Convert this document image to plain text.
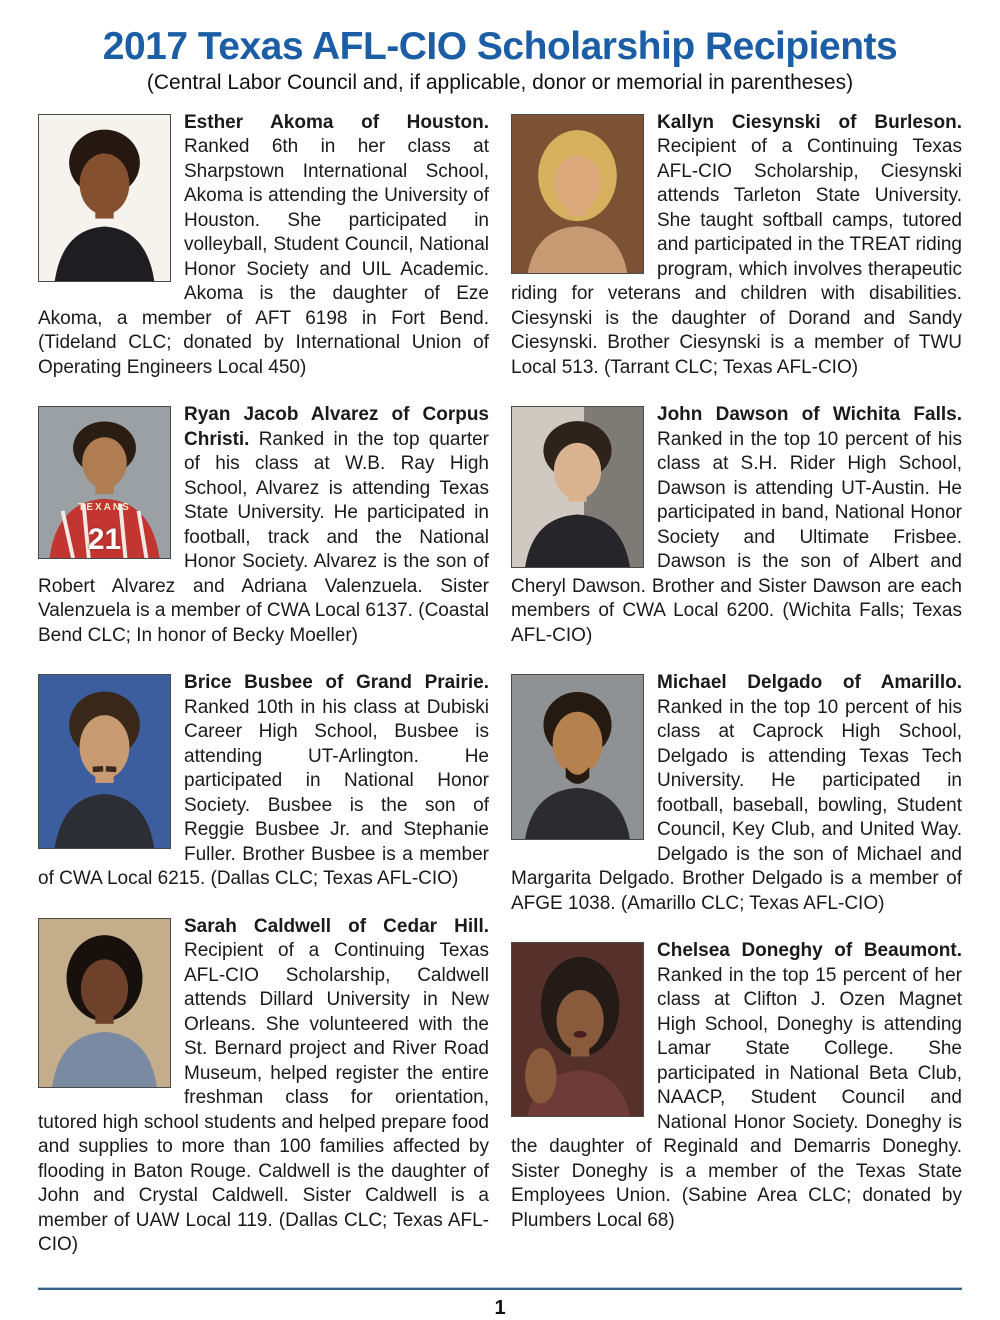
2017 Texas AFL-CIO Scholarship Recipients

(Central Labor Council and, if applicable, donor or memorial in parentheses)

Esther Akoma of Houston. Ranked 6th in her class at Sharpstown International School, Akoma is attending the University of Houston. She participated in volleyball, Student Council, National Honor Society and UIL Academic. Akoma is the daughter of Eze Akoma, a member of AFT 6198 in Fort Bend. (Tideland CLC; donated by International Union of Operating Engineers Local 450)

TEXANS
21

Ryan Jacob Alvarez of Corpus Christi. Ranked in the top quarter of his class at W.B. Ray High School, Alvarez is attending Texas State University. He participated in football, track and the National Honor Society. Alvarez is the son of Robert Alvarez and Adriana Valenzuela. Sister Valenzuela is a member of CWA Local 6137. (Coastal Bend CLC; In honor of Becky Moeller)

Brice Busbee of Grand Prairie. Ranked 10th in his class at Dubiski Career High School, Busbee is attending UT-Arlington. He participated in National Honor Society. Busbee is the son of Reggie Busbee Jr. and Stephanie Fuller. Brother Busbee is a member of CWA Local 6215. (Dallas CLC; Texas AFL-CIO)

Sarah Caldwell of Cedar Hill. Recipient of a Continuing Texas AFL-CIO Scholarship, Caldwell attends Dillard University in New Orleans. She volunteered with the St. Bernard project and River Road Museum, helped register the entire freshman class for orientation, tutored high school students and helped prepare food and supplies to more than 100 families affected by flooding in Baton Rouge. Caldwell is the daughter of John and Crystal Caldwell. Sister Caldwell is a member of UAW Local 119. (Dallas CLC; Texas AFL-CIO)

Kallyn Ciesynski of Burleson. Recipient of a Continuing Texas AFL-CIO Scholarship, Ciesynski attends Tarleton State University. She taught softball camps, tutored and participated in the TREAT riding program, which involves therapeutic riding for veterans and children with disabilities. Ciesynski is the daughter of Dorand and Sandy Ciesynski. Brother Ciesynski is a member of TWU Local 513. (Tarrant CLC; Texas AFL-CIO)

John Dawson of Wichita Falls. Ranked in the top 10 percent of his class at S.H. Rider High School, Dawson is attending UT-Austin. He participated in band, National Honor Society and Ultimate Frisbee. Dawson is the son of Albert and Cheryl Dawson. Brother and Sister Dawson are each members of CWA Local 6200. (Wichita Falls; Texas AFL-CIO)

Michael Delgado of Amarillo. Ranked in the top 10 percent of his class at Caprock High School, Delgado is attending Texas Tech University. He participated in football, baseball, bowling, Student Council, Key Club, and United Way. Delgado is the son of Michael and Margarita Delgado. Brother Delgado is a member of AFGE 1038. (Amarillo CLC; Texas AFL-CIO)

Chelsea Doneghy of Beaumont. Ranked in the top 15 percent of her class at Clifton J. Ozen Magnet High School, Doneghy is attending Lamar State College. She participated in National Beta Club, NAACP, Student Council and National Honor Society. Doneghy is the daughter of Reginald and Demarris Doneghy. Sister Doneghy is a member of the Texas State Employees Union. (Sabine Area CLC; donated by Plumbers Local 68)

1
